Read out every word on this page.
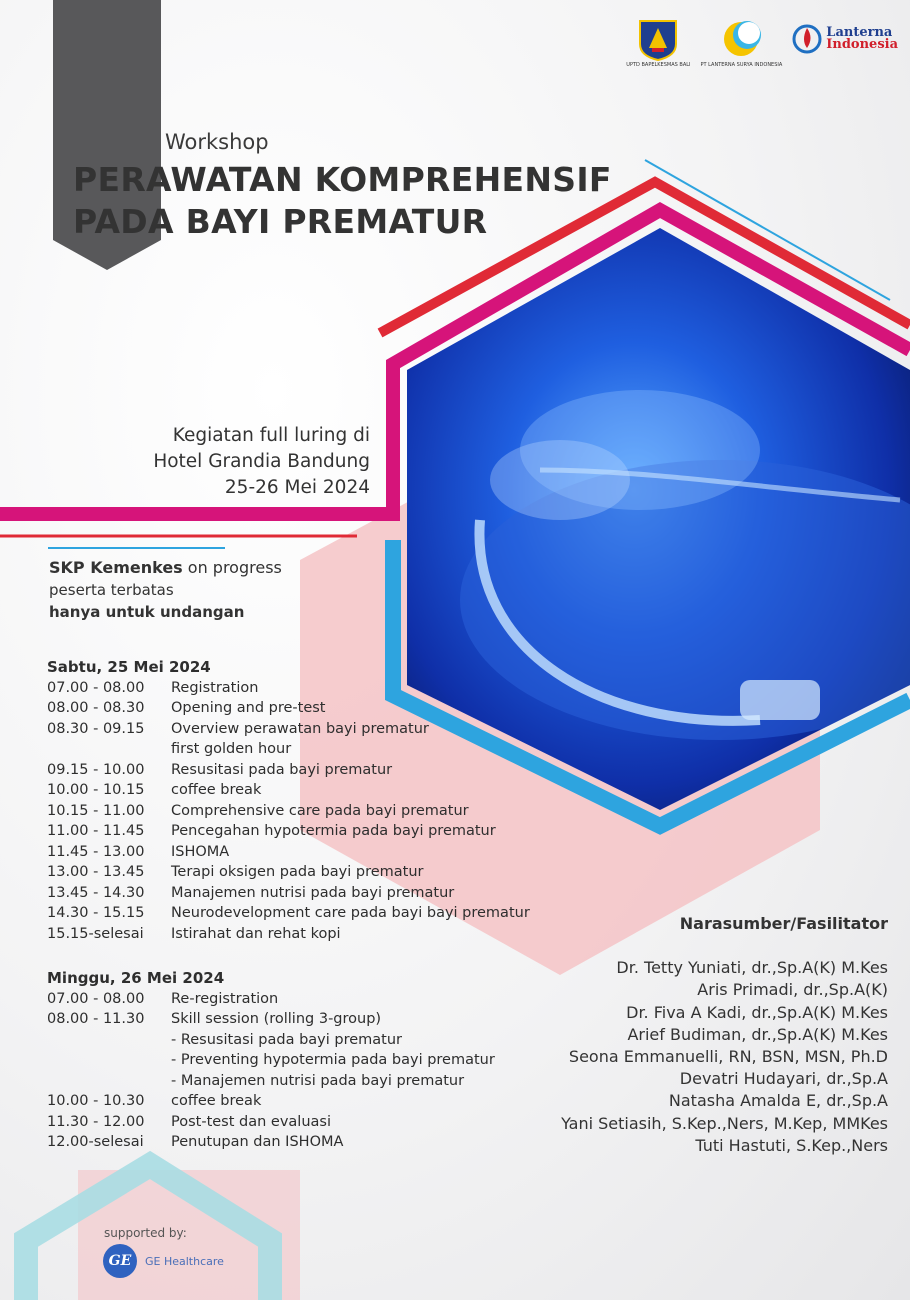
UPTD BAPELKESMAS BALI PT LANTERNA SURYA INDONESIA
Lanterna
Indonesia
Workshop
PERAWATAN KOMPREHENSIF
PADA BAYI PREMATUR
Kegiatan full luring di
Hotel Grandia Bandung
25-26 Mei 2024
SKP Kemenkes on progress
peserta terbatas
hanya untuk undangan
Sabtu, 25 Mei 2024
07.00 - 08.00	Registration
08.00 - 08.30	Opening and pre-test
08.30 - 09.15	Overview perawatan bayi prematur
first golden hour
09.15 - 10.00	Resusitasi pada bayi prematur
10.00 - 10.15	coffee break
10.15 - 11.00	Comprehensive care pada bayi prematur
11.00 - 11.45	Pencegahan hypotermia pada bayi prematur
11.45 - 13.00	ISHOMA
13.00 - 13.45	Terapi oksigen pada bayi prematur
13.45 - 14.30	Manajemen nutrisi pada bayi prematur
14.30 - 15.15	Neurodevelopment care pada bayi bayi prematur
15.15-selesai	Istirahat dan rehat kopi
Minggu, 26 Mei 2024
07.00 - 08.00	Re-registration
08.00 - 11.30	Skill session (rolling 3-group)
- Resusitasi pada bayi prematur
- Preventing hypotermia pada bayi prematur
- Manajemen nutrisi pada bayi prematur
10.00 - 10.30	coffee break
11.30 - 12.00	Post-test dan evaluasi
12.00-selesai	Penutupan dan ISHOMA
Narasumber/Fasilitator
Dr. Tetty Yuniati, dr.,Sp.A(K) M.Kes
Aris Primadi, dr.,Sp.A(K)
Dr. Fiva A Kadi, dr.,Sp.A(K) M.Kes
Arief Budiman, dr.,Sp.A(K) M.Kes
Seona Emmanuelli, RN, BSN, MSN, Ph.D
Devatri Hudayari, dr.,Sp.A
Natasha Amalda E, dr.,Sp.A
Yani Setiasih, S.Kep.,Ners, M.Kep, MMKes
Tuti Hastuti, S.Kep.,Ners
supported by:
GE	GE Healthcare
